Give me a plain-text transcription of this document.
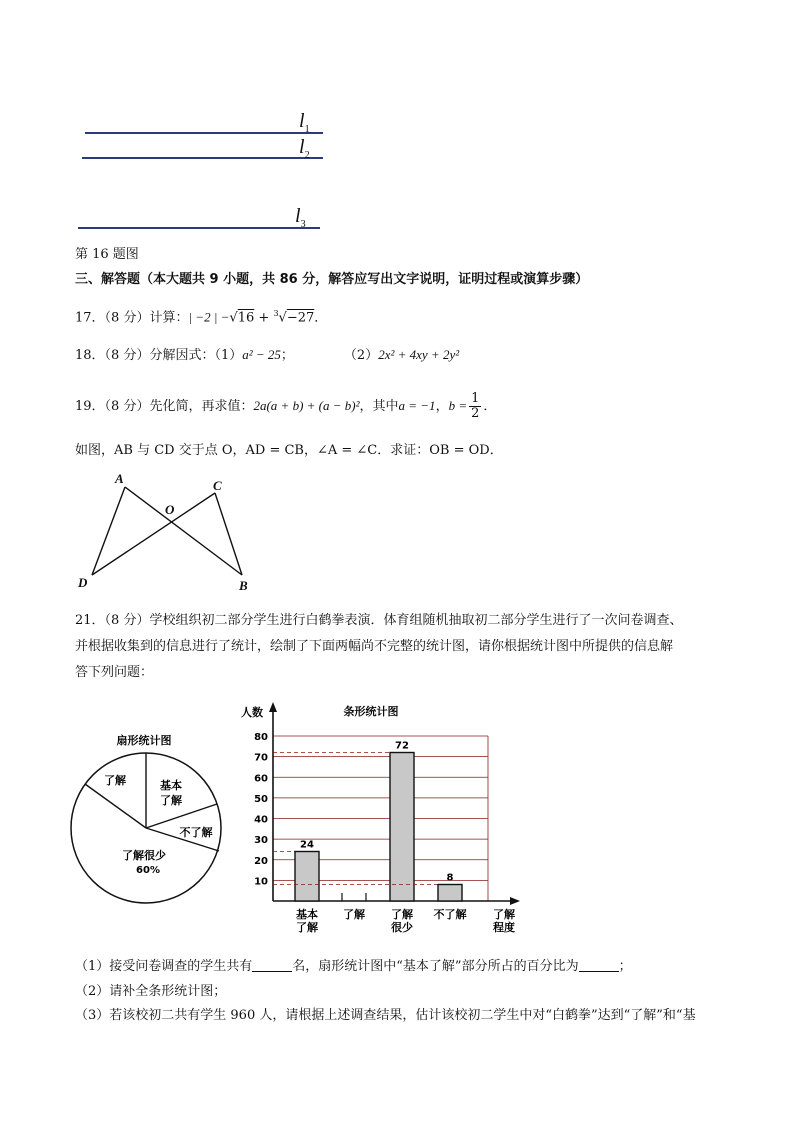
$l_1$
$l_2$
$l_3$
第 16 题图
三、解答题（本大题共 9 小题，共 86 分，解答应写出文字说明，证明过程或演算步骤）
17．（8 分）计算：| −2 | −√16 + $^3$√−27．
18．（8 分）分解因式：（1）a² − 25；	（2）2x² + 4xy + 2y²
19．（8 分）先化简，再求值：2a(a + b) + (a − b)²，其中a = −1，$b = \frac{1}{2}$ ．
如图，AB 与 CD 交于点 O，AD = CB，∠A = ∠C．求证：OB = OD．
A	C
O
D	B
21．（8 分）学校组织初二部分学生进行白鹤拳表演．体育组随机抽取初二部分学生进行了一次问卷调查、
并根据收集到的信息进行了统计，绘制了下面两幅尚不完整的统计图，请你根据统计图中所提供的信息解
答下列问题：
扇形统计图
了解	基本
了解
不了解
了解很少
60%
10
20
30
40
50
60
70
80
人数	条形统计图
24
基本
了解
了解
72
了解
很少
8
不了解 了解
程度
（1）接受问卷调查的学生共有	名，扇形统计图中“基本了解”部分所占的百分比为	；
（2）请补全条形统计图；
（3）若该校初二共有学生 960 人，请根据上述调查结果，估计该校初二学生中对“白鹤拳”达到“了解”和“基
